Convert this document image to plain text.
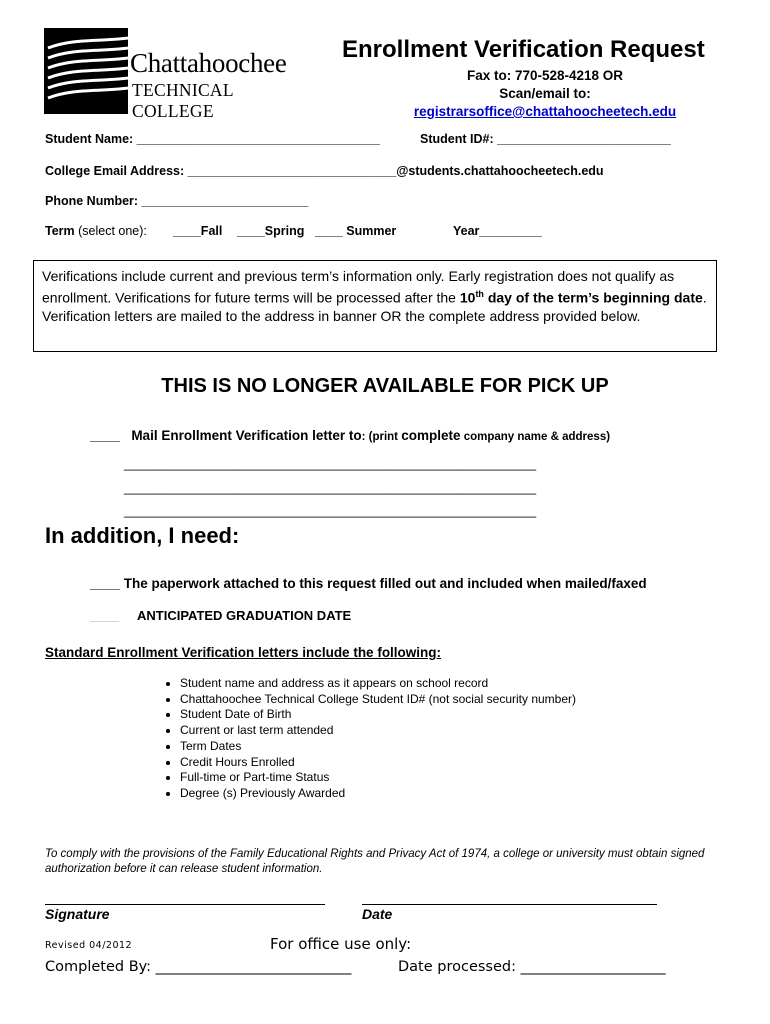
Chattahoochee
TECHNICAL COLLEGE
Enrollment Verification Request
Fax to: 770-528-4218 OR
Scan/email to:
registrarsoffice@chattahoocheetech.edu
Student Name: ___________________________________	Student ID#: _________________________
College Email Address: ______________________________@students.chattahoocheetech.edu
Phone Number: ________________________
Term (select one): ____Fall ____Spring ____ Summer	Year_________
Verifications include current and previous term’s information only. Early registration does not qualify as enrollment. Verifications for future terms will be processed after the 10th day of the term’s beginning date. Verification letters are mailed to the address in banner OR the complete address provided below.
THIS IS NO LONGER AVAILABLE FOR PICK UP
____ Mail Enrollment Verification letter to: (print complete company name & address)
_________________________________________________________
_________________________________________________________
_________________________________________________________
In addition, I need:
____ The paperwork attached to this request filled out and included when mailed/faxed
____ ANTICIPATED GRADUATION DATE
Standard Enrollment Verification letters include the following:
• Student name and address as it appears on school record
• Chattahoochee Technical College Student ID# (not social security number)
• Student Date of Birth
• Current or last term attended
• Term Dates
• Credit Hours Enrolled
• Full-time or Part-time Status
• Degree (s) Previously Awarded
To comply with the provisions of the Family Educational Rights and Privacy Act of 1974, a college or university must obtain signed authorization before it can release student information.
Signature	Date
Revised 04/2012	For office use only:
Completed By: ___________________________	Date processed: ____________________
